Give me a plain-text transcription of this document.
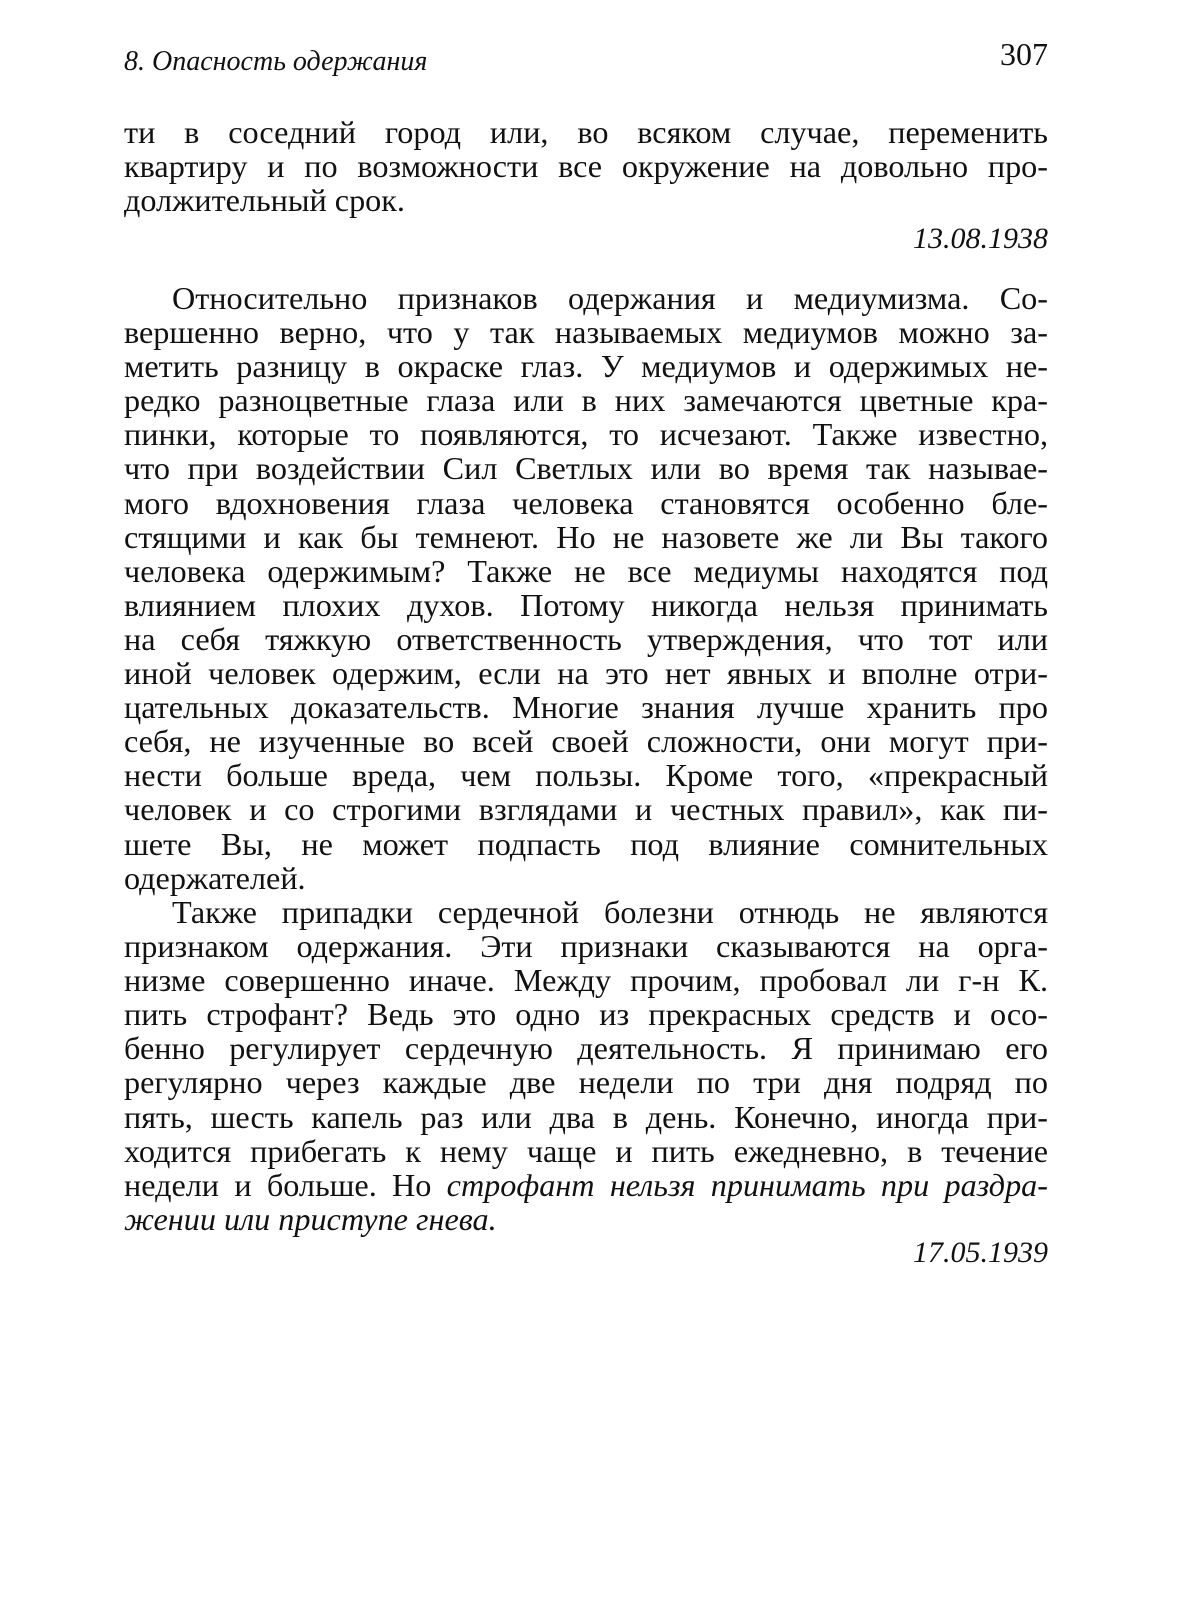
8. Опасность одержания	307
ти в соседний город или, во всяком случае, переменить
квартиру и по возможности все окружение на довольно про-
должительный срок.
13.08.1938
Относительно признаков одержания и медиумизма. Со-
вершенно верно, что у так называемых медиумов можно за-
метить разницу в окраске глаз. У медиумов и одержимых не-
редко разноцветные глаза или в них замечаются цветные кра-
пинки, которые то появляются, то исчезают. Также известно,
что при воздействии Сил Светлых или во время так называе-
мого вдохновения глаза человека становятся особенно бле-
стящими и как бы темнеют. Но не назовете же ли Вы такого
человека одержимым? Также не все медиумы находятся под
влиянием плохих духов. Потому никогда нельзя принимать
на себя тяжкую ответственность утверждения, что тот или
иной человек одержим, если на это нет явных и вполне отри-
цательных доказательств. Многие знания лучше хранить про
себя, не изученные во всей своей сложности, они могут при-
нести больше вреда, чем пользы. Кроме того, «прекрасный
человек и со строгими взглядами и честных правил», как пи-
шете Вы, не может подпасть под влияние сомнительных
одержателей.
Также припадки сердечной болезни отнюдь не являются
признаком одержания. Эти признаки сказываются на орга-
низме совершенно иначе. Между прочим, пробовал ли г-н К.
пить строфант? Ведь это одно из прекрасных средств и осо-
бенно регулирует сердечную деятельность. Я принимаю его
регулярно через каждые две недели по три дня подряд по
пять, шесть капель раз или два в день. Конечно, иногда при-
ходится прибегать к нему чаще и пить ежедневно, в течение
недели и больше. Но строфант нельзя принимать при раздра-
жении или приступе гнева.
17.05.1939
